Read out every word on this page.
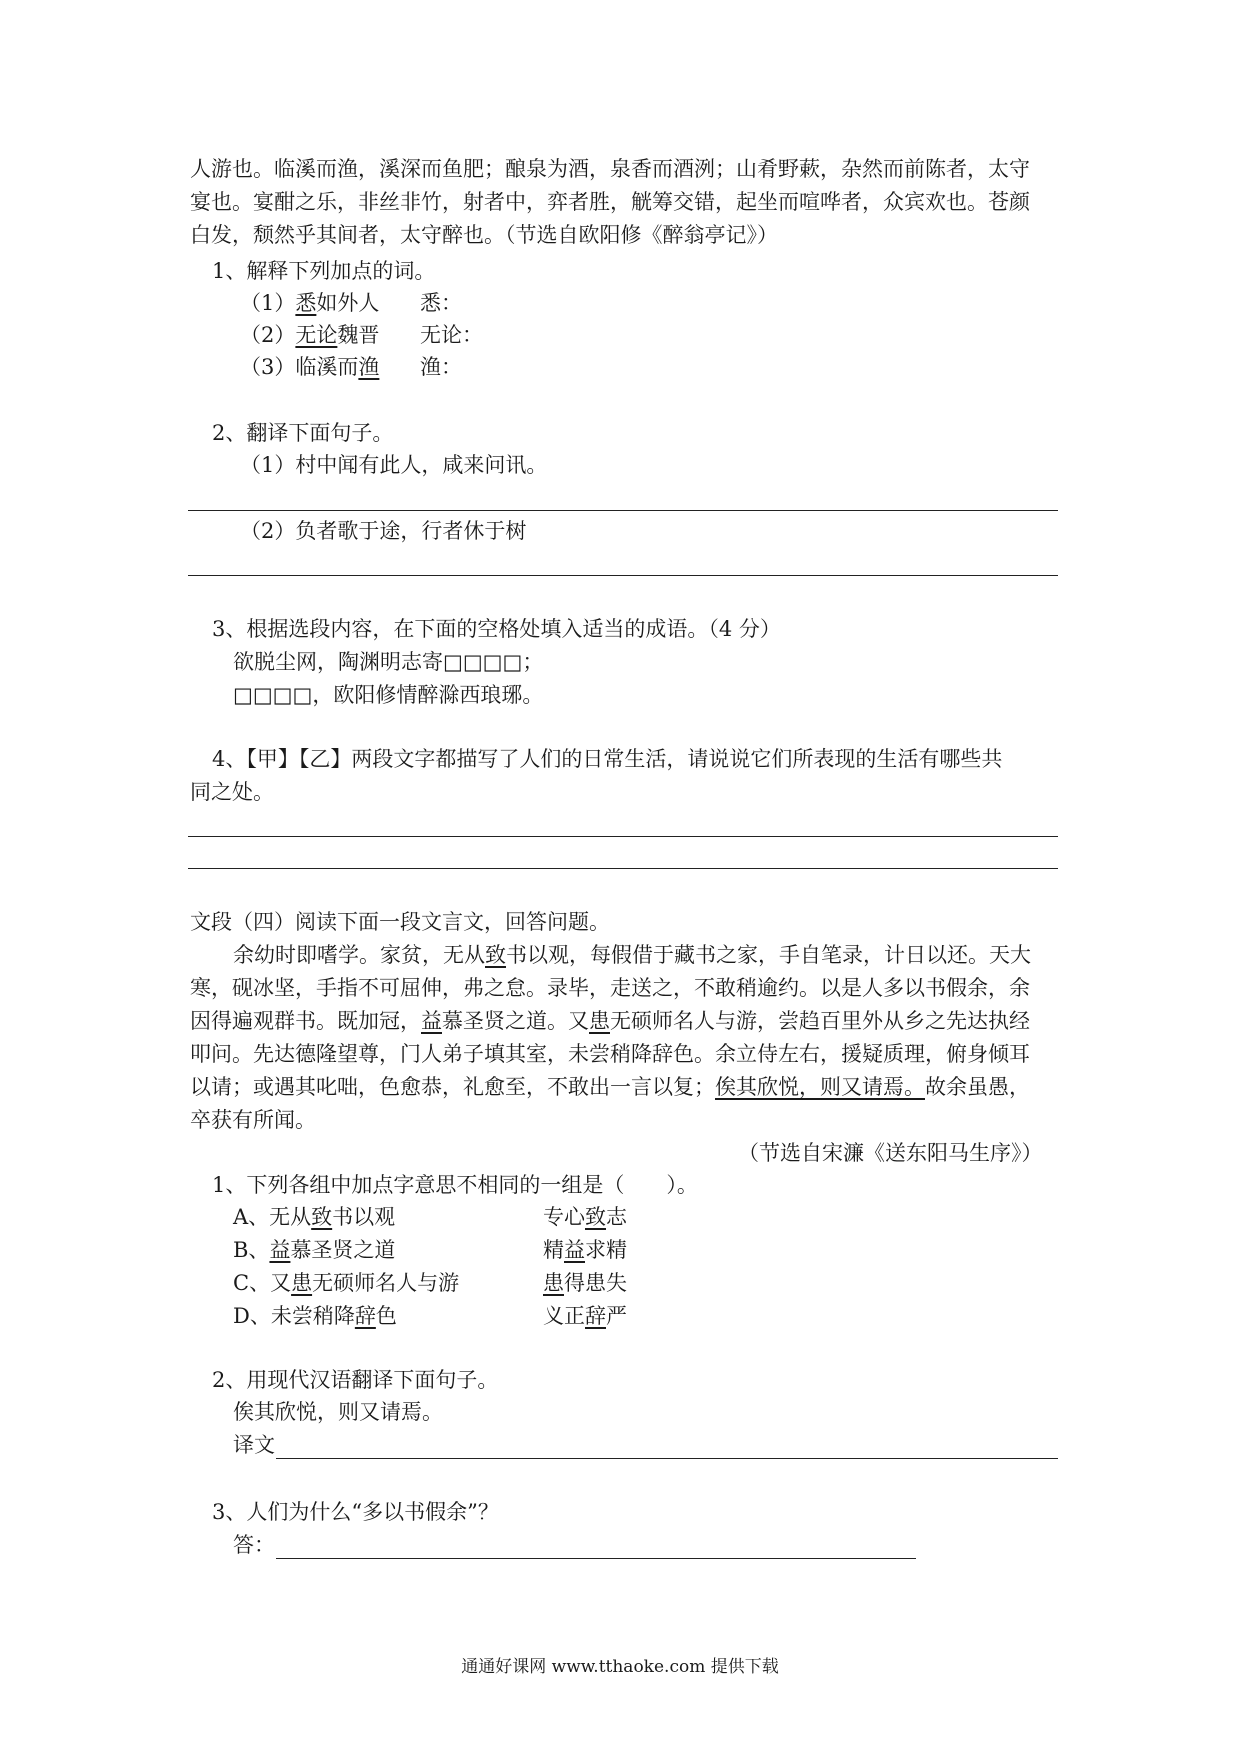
人游也。临溪而渔，溪深而鱼肥；酿泉为酒，泉香而酒洌；山肴野蔌，杂然而前陈者，太守
宴也。宴酣之乐，非丝非竹，射者中，弈者胜，觥筹交错，起坐而喧哗者，众宾欢也。苍颜
白发，颓然乎其间者，太守醉也。（节选自欧阳修《醉翁亭记》）
1、解释下列加点的词。
（1）悉如外人 悉：
（2）无论魏晋 无论：
（3）临溪而渔 渔：
2、翻译下面句子。
（1）村中闻有此人，咸来问讯。
（2）负者歌于途，行者休于树
3、根据选段内容，在下面的空格处填入适当的成语。（4 分）
欲脱尘网，陶渊明志寄□□□□；
□□□□，欧阳修情醉滁西琅琊。
4、【甲】【乙】两段文字都描写了人们的日常生活，请说说它们所表现的生活有哪些共
同之处。
文段（四）阅读下面一段文言文，回答问题。
余幼时即嗜学。家贫，无从致书以观，每假借于藏书之家，手自笔录，计日以还。天大
寒，砚冰坚，手指不可屈伸，弗之怠。录毕，走送之，不敢稍逾约。以是人多以书假余，余
因得遍观群书。既加冠，益慕圣贤之道。又患无硕师名人与游，尝趋百里外从乡之先达执经
叩问。先达德隆望尊，门人弟子填其室，未尝稍降辞色。余立侍左右，援疑质理，俯身倾耳
以请；或遇其叱咄，色愈恭，礼愈至，不敢出一言以复；俟其欣悦，则又请焉。故余虽愚，
卒获有所闻。
（节选自宋濂《送东阳马生序》）
1、下列各组中加点字意思不相同的一组是（　　）。
A、无从致书以观	专心致志
B、益慕圣贤之道	精益求精
C、又患无硕师名人与游	患得患失
D、未尝稍降辞色	义正辞严
2、用现代汉语翻译下面句子。
俟其欣悦，则又请焉。
译文
3、人们为什么“多以书假余”？
答：
通通好课网 www.tthaoke.com 提供下载
